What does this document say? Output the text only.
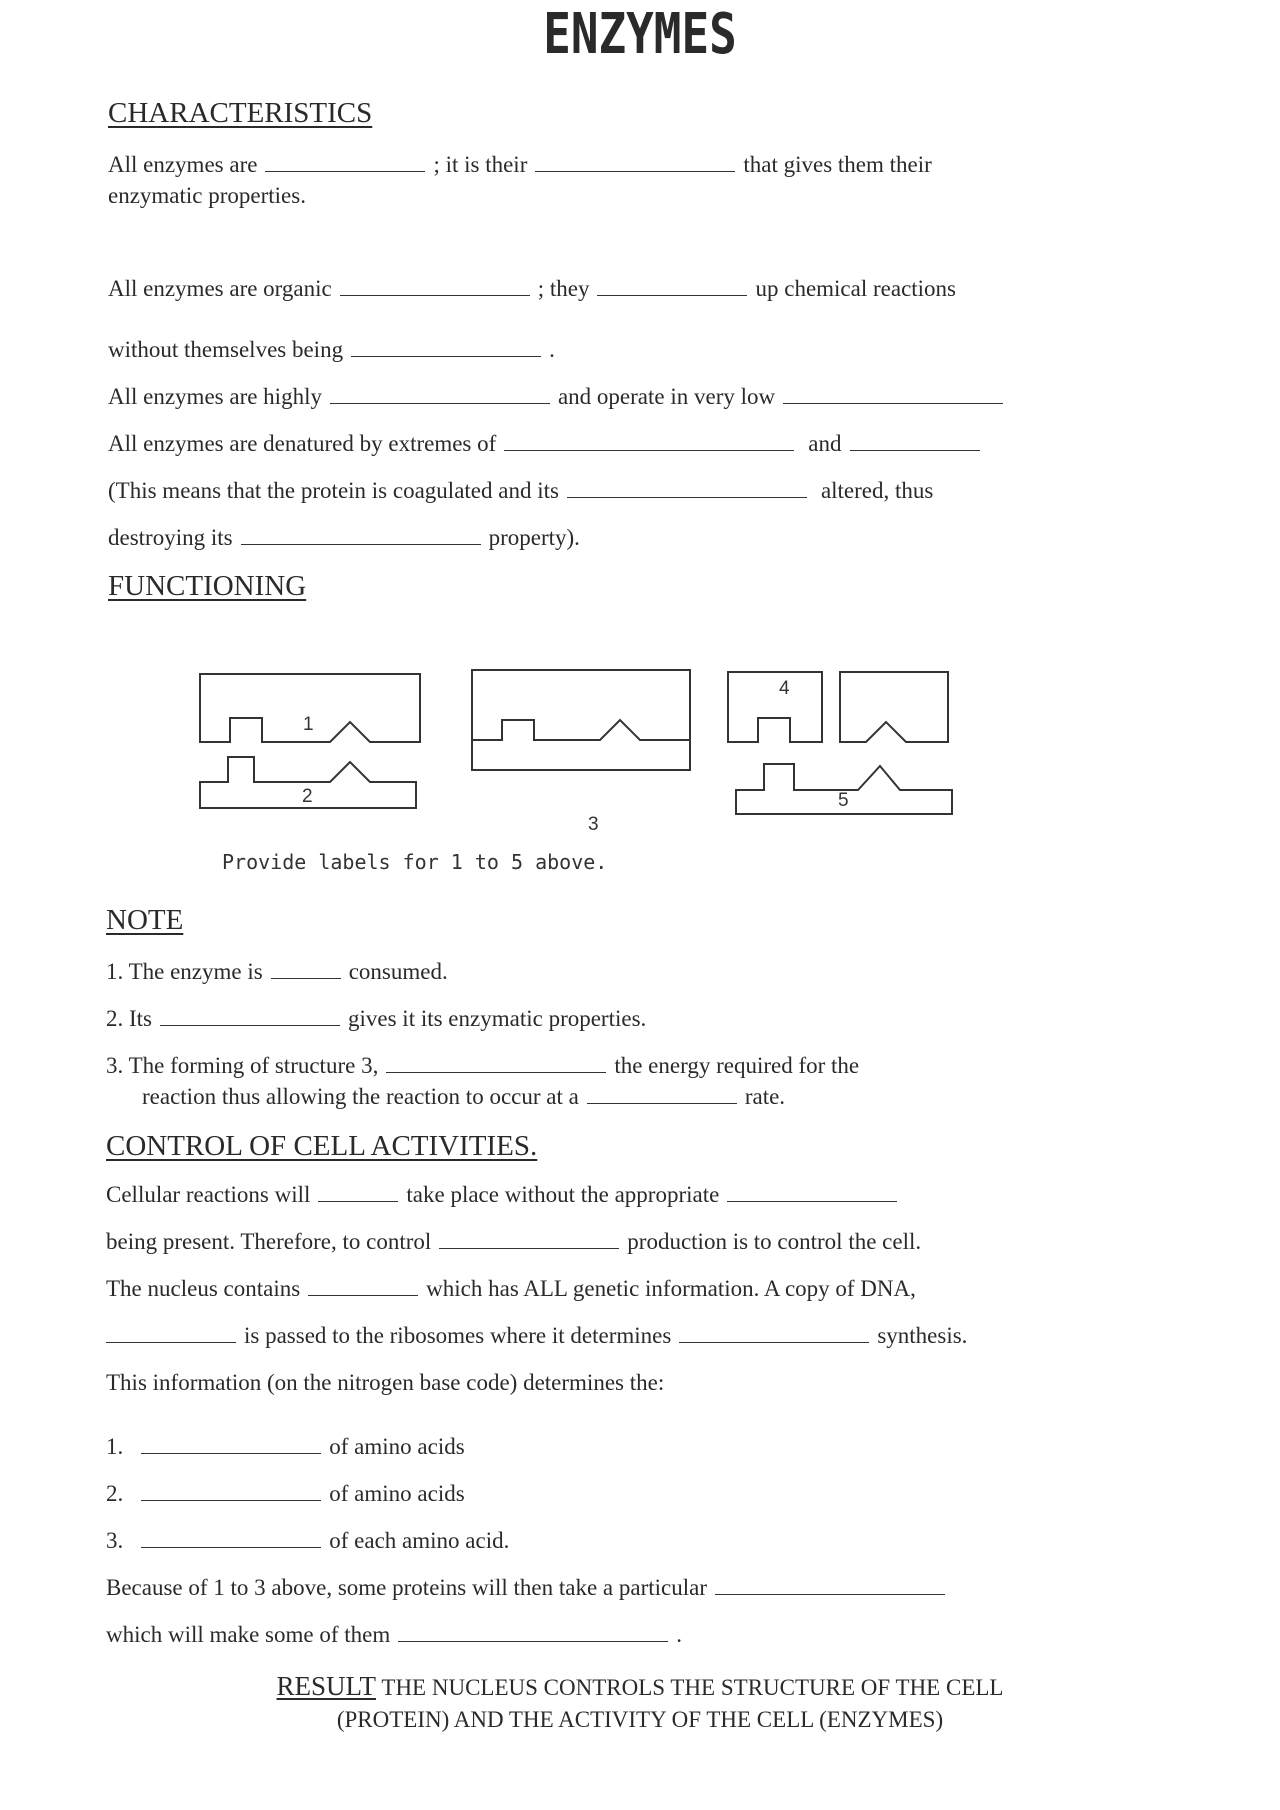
ENZYMES
CHARACTERISTICS
All enzymes are	; it is their	that gives them their
enzymatic properties.
All enzymes are organic	; they	up chemical reactions
without themselves being	.
All enzymes are highly	and operate in very low
All enzymes are denatured by extremes of	and
(This means that the protein is coagulated and its	altered, thus
destroying its	property).
FUNCTIONING
1
2
3
4
5
Provide labels for 1 to 5 above.
NOTE
1. The enzyme is	consumed.
2. Its	gives it its enzymatic properties.
3. The forming of structure 3,	the energy required for the
reaction thus allowing the reaction to occur at a	rate.
CONTROL OF CELL ACTIVITIES.
Cellular reactions will	take place without the appropriate
being present. Therefore, to control	production is to control the cell.
The nucleus contains	which has ALL genetic information. A copy of DNA,
is passed to the ribosomes where it determines	synthesis.
This information (on the nitrogen base code) determines the:
1.	of amino acids
2.	of amino acids
3.	of each amino acid.
Because of 1 to 3 above, some proteins will then take a particular
which will make some of them	.
RESULT THE NUCLEUS CONTROLS THE STRUCTURE OF THE CELL
(PROTEIN) AND THE ACTIVITY OF THE CELL (ENZYMES)
